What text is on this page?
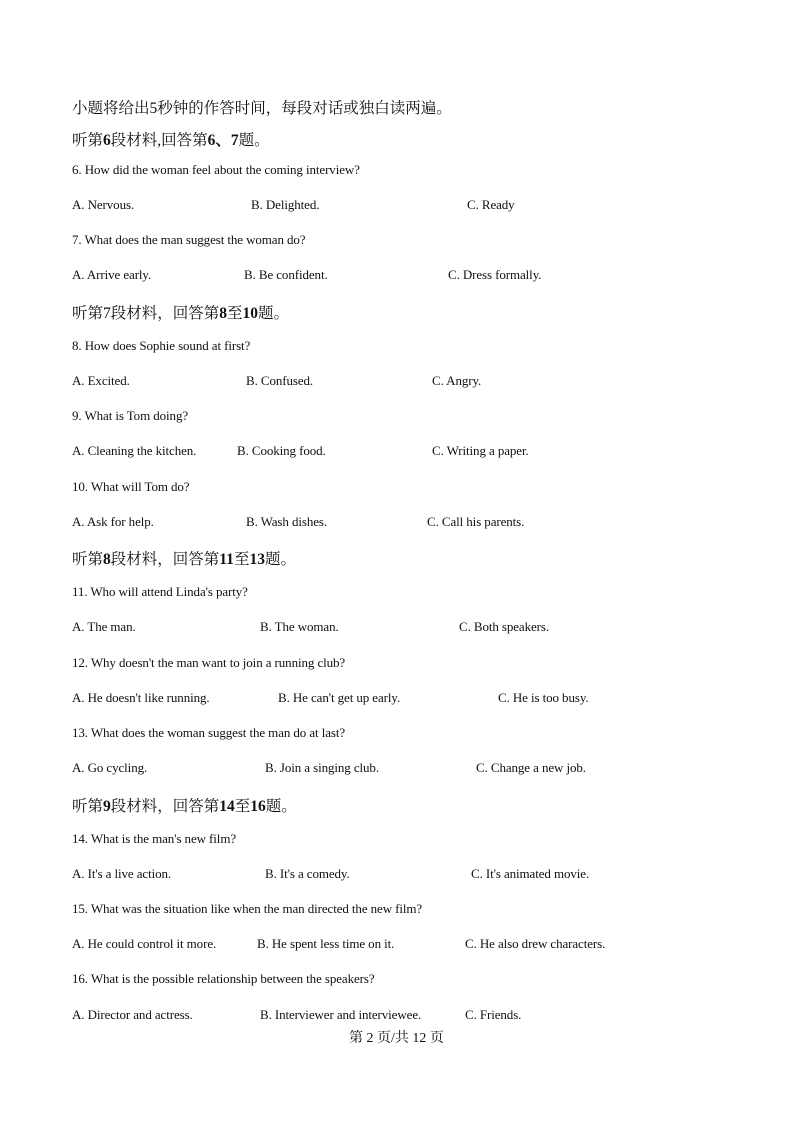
小题将给出5秒钟的作答时间，每段对话或独白读两遍。
听第6段材料,回答第6、7题。
6. How did the woman feel about the coming interview?
A. Nervous.	B. Delighted.	C. Ready
7. What does the man suggest the woman do?
A. Arrive early.	B. Be confident.	C. Dress formally.
听第7段材料，回答第8至10题。
8. How does Sophie sound at first?
A. Excited.	B. Confused.	C. Angry.
9. What is Tom doing?
A. Cleaning the kitchen.	B. Cooking food.	C. Writing a paper.
10. What will Tom do?
A. Ask for help.	B. Wash dishes.	C. Call his parents.
听第8段材料，回答第11至13题。
11. Who will attend Linda's party?
A. The man.	B. The woman.	C. Both speakers.
12. Why doesn't the man want to join a running club?
A. He doesn't like running.	B. He can't get up early.	C. He is too busy.
13. What does the woman suggest the man do at last?
A. Go cycling.	B. Join a singing club.	C. Change a new job.
听第9段材料，回答第14至16题。
14. What is the man's new film?
A. It's a live action.	B. It's a comedy.	C. It's animated movie.
15. What was the situation like when the man directed the new film?
A. He could control it more.	B. He spent less time on it.	C. He also drew characters.
16. What is the possible relationship between the speakers?
A. Director and actress.	B. Interviewer and interviewee.	C. Friends.
第 2 页/共 12 页
